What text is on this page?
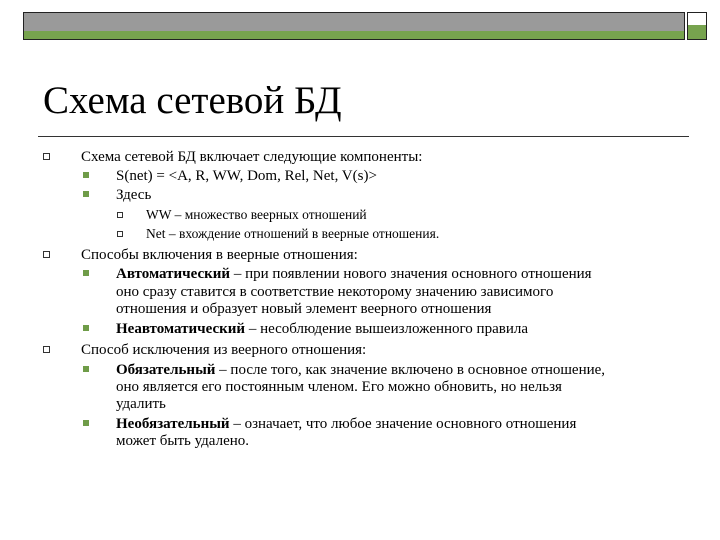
Схема сетевой БД
Схема сетевой БД включает следующие компоненты:
S(net) = <A, R, WW, Dom, Rel, Net, V(s)>
Здесь
WW – множество веерных отношений
Net – вхождение отношений в веерные отношения.
Способы включения в веерные отношения:
Автоматический – при появлении нового значения основного отношения
оно сразу ставится в соответствие некоторому значению зависимого
отношения и образует новый элемент веерного отношения
Неавтоматический – несоблюдение вышеизложенного правила
Способ исключения из веерного отношения:
Обязательный – после того, как значение включено в основное отношение,
оно является его постоянным членом. Его можно обновить, но нельзя
удалить
Необязательный – означает, что любое значение основного отношения
может быть удалено.
